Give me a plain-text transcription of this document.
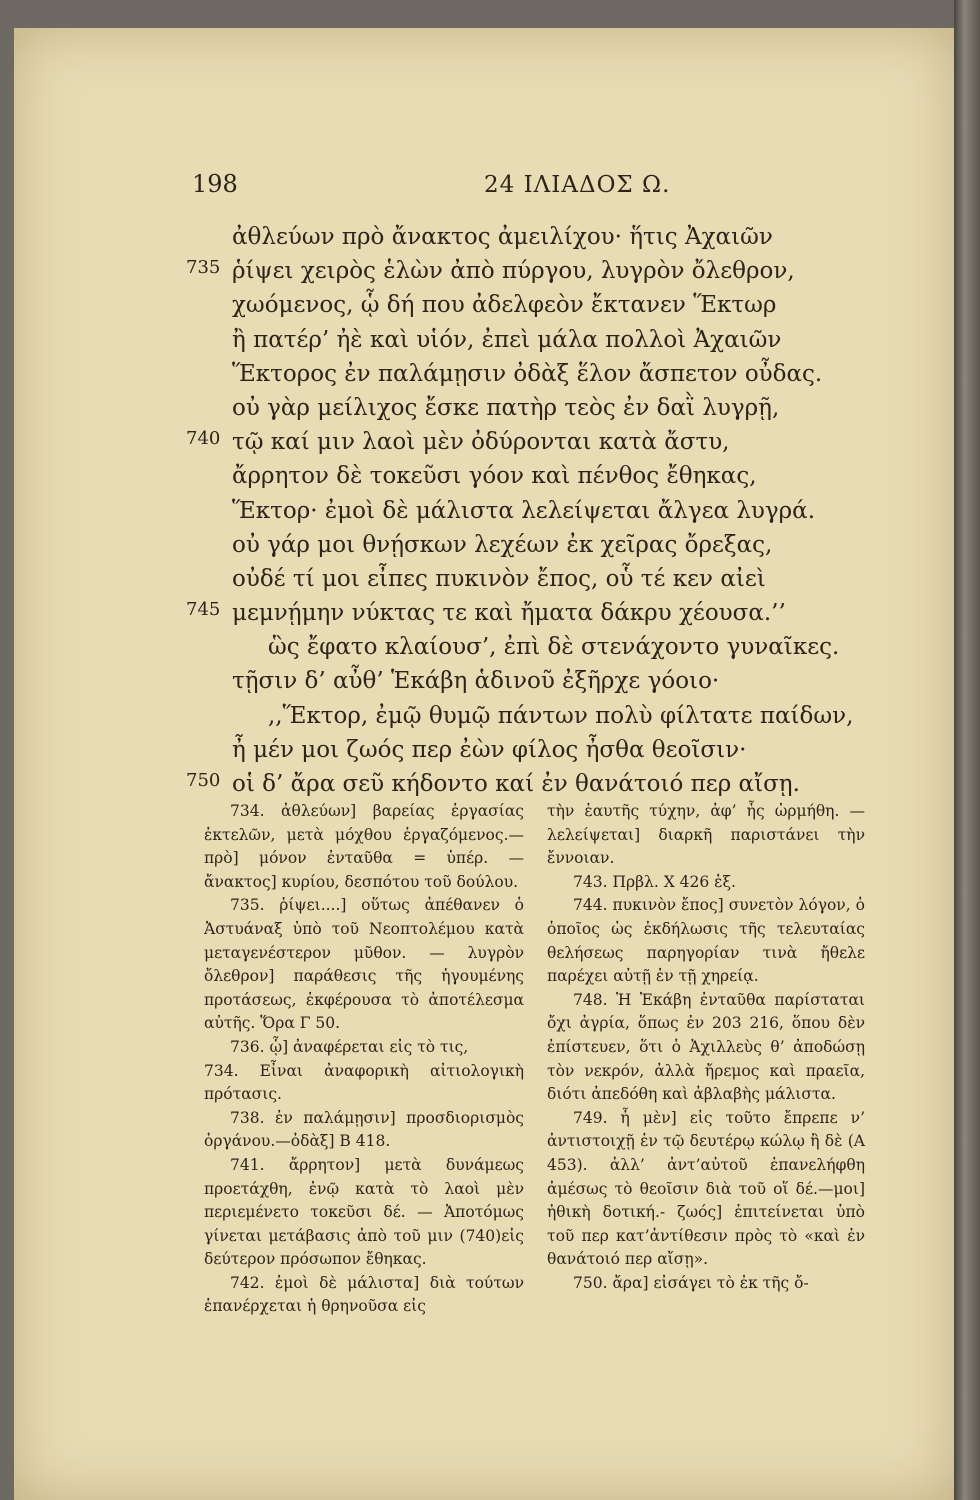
198	24 ΙΛΙΑΔΟΣ Ω.
ἀθλεύων πρὸ ἄνακτος ἀμειλίχου· ἥτις Ἀχαιῶν
735 ῥίψει χειρὸς ἑλὼν ἀπὸ πύργου, λυγρὸν ὄλεθρον,
χωόμενος, ᾧ δή που ἀδελφεὸν ἔκτανεν Ἕκτωρ
ἢ πατέρ’ ἠὲ καὶ υἱόν, ἐπεὶ μάλα πολλοὶ Ἀχαιῶν
Ἕκτορος ἐν παλάμῃσιν ὀδὰξ ἕλον ἄσπετον οὖδας.
οὐ γὰρ μείλιχος ἔσκε πατὴρ τεὸς ἐν δαῒ λυγρῇ,
740 τῷ καί μιν λαοὶ μὲν ὀδύρονται κατὰ ἄστυ,
ἄρρητον δὲ τοκεῦσι γόον καὶ πένθος ἔθηκας,
Ἕκτορ· ἐμοὶ δὲ μάλιστα λελείψεται ἄλγεα λυγρά.
οὐ γάρ μοι θνῄσκων λεχέων ἐκ χεῖρας ὄρεξας,
οὐδέ τί μοι εἶπες πυκινὸν ἔπος, οὗ τέ κεν αἰεὶ
745 μεμνῄμην νύκτας τε καὶ ἤματα δάκρυ χέουσα.’’
ὣς ἔφατο κλαίουσ’, ἐπὶ δὲ στενάχοντο γυναῖκες.
τῇσιν δ’ αὖθ’ Ἑκάβη ἁδινοῦ ἐξῆρχε γόοιο·
,,Ἕκτορ, ἐμῷ θυμῷ πάντων πολὺ φίλτατε παίδων,
ἦ μέν μοι ζωός περ ἐὼν φίλος ἦσθα θεοῖσιν·
750 οἱ δ’ ἄρα σεῦ κήδοντο καί ἐν θανάτοιό περ αἴσῃ.

734. ἀθλεύων] βαρείας ἐργασίας ἐκτελῶν, μετὰ μόχθου ἐργαζόμενος.—πρὸ] μόνον ἐνταῦθα = ὑπέρ. — ἄνακτος] κυρίου, δεσπότου τοῦ δούλου.

735. ῥίψει....] οὕτως ἀπέθανεν ὁ Ἀστυάναξ ὑπὸ τοῦ Νεοπτολέμου κατὰ μεταγενέστερον μῦθον. — λυγρὸν ὄλεθρον] παράθεσις τῆς ἡγουμένης προτάσεως, ἐκφέρουσα τὸ ἀποτέλεσμα αὐτῆς. Ὅρα Γ 50.

736. ᾧ] ἀναφέρεται εἰς τὸ τις,

734. Εἶναι ἀναφορικὴ αἰτιολογικὴ πρότασις.

738. ἐν παλάμῃσιν] προσδιορισμὸς ὀργάνου.—ὀδὰξ] Β 418.

741. ἄρρητον] μετὰ δυνάμεως προετάχθη, ἐνῷ κατὰ τὸ λαοὶ μὲν περιεμένετο τοκεῦσι δέ. — Ἀποτόμως γίνεται μετάβασις ἀπὸ τοῦ μιν (740)εἰς δεύτερον πρόσωπον ἔθηκας.

742. ἐμοὶ δὲ μάλιστα] διὰ τούτων ἐπανέρχεται ἡ θρηνοῦσα εἰς

τὴν ἑαυτῆς τύχην, ἀφ’ ἧς ὡρμήθη. — λελείψεται] διαρκῆ παριστάνει τὴν ἔννοιαν.

743. Πρβλ. Χ 426 ἑξ.

744. πυκινὸν ἔπος] συνετὸν λόγον, ὁ ὁποῖος ὡς ἐκδήλωσις τῆς τελευταίας θελήσεως παρηγορίαν τινὰ ἤθελε παρέχει αὐτῇ ἐν τῇ χηρείᾳ.

748. Ἡ Ἑκάβη ἐνταῦθα παρίσταται ὄχι ἀγρία, ὅπως ἐν 203 216, ὅπου δὲν ἐπίστευεν, ὅτι ὁ Ἀχιλλεὺς θ’ ἀποδώσῃ τὸν νεκρόν, ἀλλὰ ἤρεμος καὶ πραεῖα, διότι ἀπεδόθη καὶ ἀβλαβὴς μάλιστα.

749. ἦ μὲν] εἰς τοῦτο ἔπρεπε ν’ ἀντιστοιχῇ ἐν τῷ δευτέρῳ κώλῳ ἢ δὲ (Α 453). ἀλλ’ ἀντ’αὐτοῦ ἐπανελήφθη ἀμέσως τὸ θεοῖσιν διὰ τοῦ οἵ δέ.—μοι] ἠθικὴ δοτική.- ζωός] ἐπιτείνεται ὑπὸ τοῦ περ κατ’ἀντίθεσιν πρὸς τὸ «καὶ ἐν θανάτοιό περ αἴσῃ».

750. ἄρα] εἰσάγει τὸ ἐκ τῆς ὄ-
